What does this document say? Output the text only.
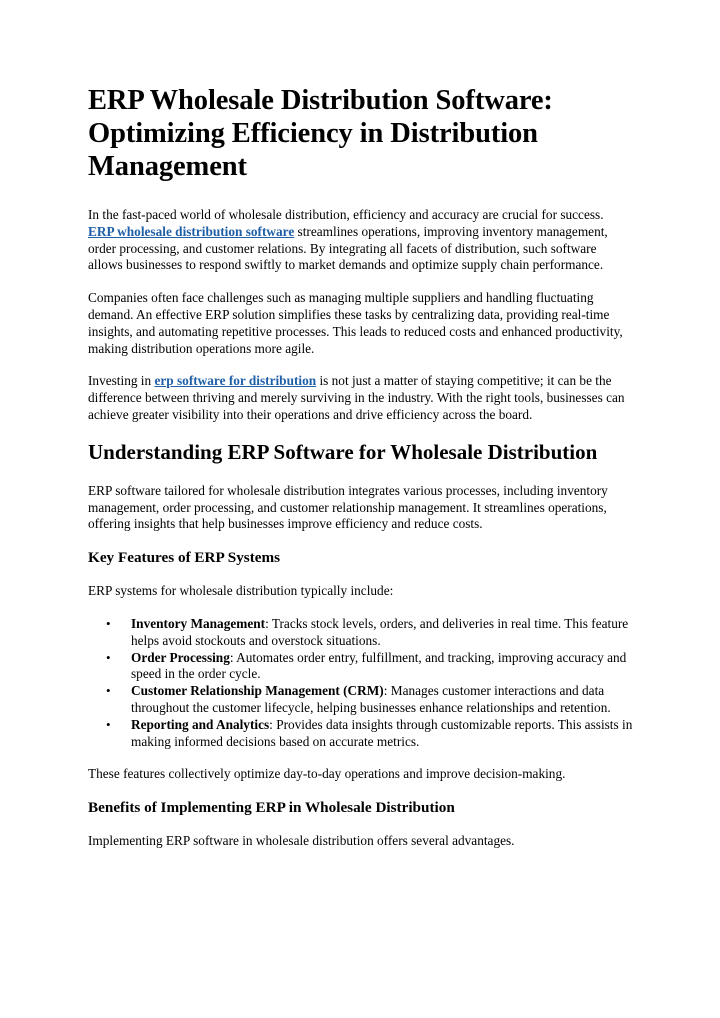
ERP Wholesale Distribution Software: Optimizing Efficiency in Distribution Management

In the fast-paced world of wholesale distribution, efficiency and accuracy are crucial for success. ERP wholesale distribution software streamlines operations, improving inventory management, order processing, and customer relations. By integrating all facets of distribution, such software allows businesses to respond swiftly to market demands and optimize supply chain performance.

Companies often face challenges such as managing multiple suppliers and handling fluctuating demand. An effective ERP solution simplifies these tasks by centralizing data, providing real-time insights, and automating repetitive processes. This leads to reduced costs and enhanced productivity, making distribution operations more agile.

Investing in erp software for distribution is not just a matter of staying competitive; it can be the difference between thriving and merely surviving in the industry. With the right tools, businesses can achieve greater visibility into their operations and drive efficiency across the board.

Understanding ERP Software for Wholesale Distribution

ERP software tailored for wholesale distribution integrates various processes, including inventory management, order processing, and customer relationship management. It streamlines operations, offering insights that help businesses improve efficiency and reduce costs.

Key Features of ERP Systems

ERP systems for wholesale distribution typically include:

• Inventory Management: Tracks stock levels, orders, and deliveries in real time. This feature helps avoid stockouts and overstock situations.
• Order Processing: Automates order entry, fulfillment, and tracking, improving accuracy and speed in the order cycle.
• Customer Relationship Management (CRM): Manages customer interactions and data throughout the customer lifecycle, helping businesses enhance relationships and retention.
• Reporting and Analytics: Provides data insights through customizable reports. This assists in making informed decisions based on accurate metrics.

These features collectively optimize day-to-day operations and improve decision-making.

Benefits of Implementing ERP in Wholesale Distribution

Implementing ERP software in wholesale distribution offers several advantages.
